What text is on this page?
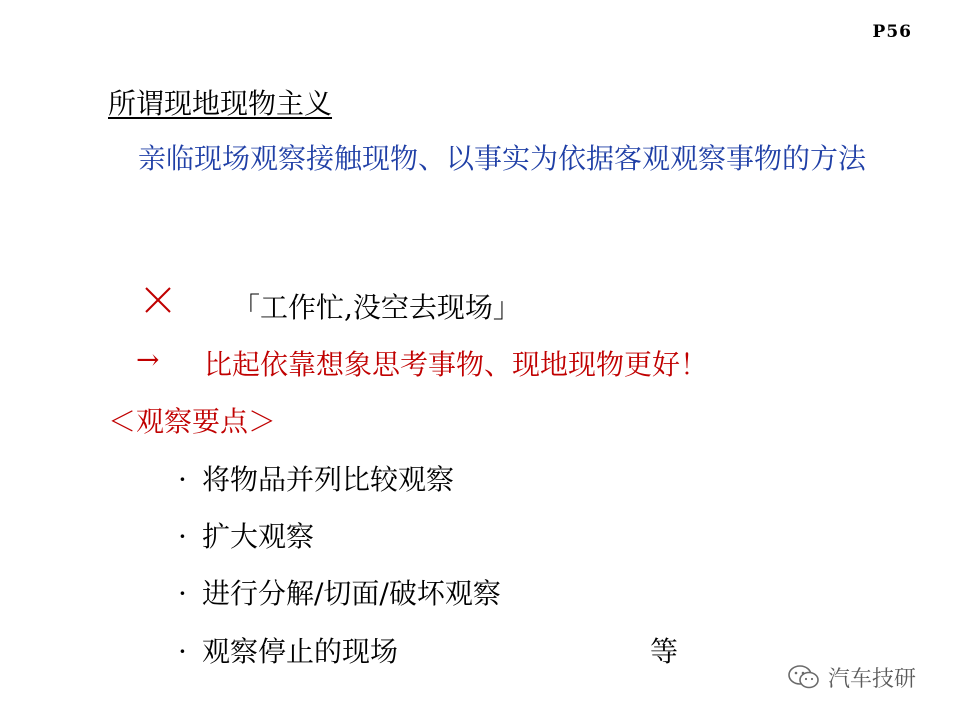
P56
所谓现地现物主义
亲临现场观察接触现物、以事实为依据客观观察事物的方法
「工作忙,没空去现场」
→ 比起依靠想象思考事物、现地现物更好！
＜观察要点＞
· 将物品并列比较观察
· 扩大观察
· 进行分解/切面/破坏观察
· 观察停止的现场	等
汽车技研
